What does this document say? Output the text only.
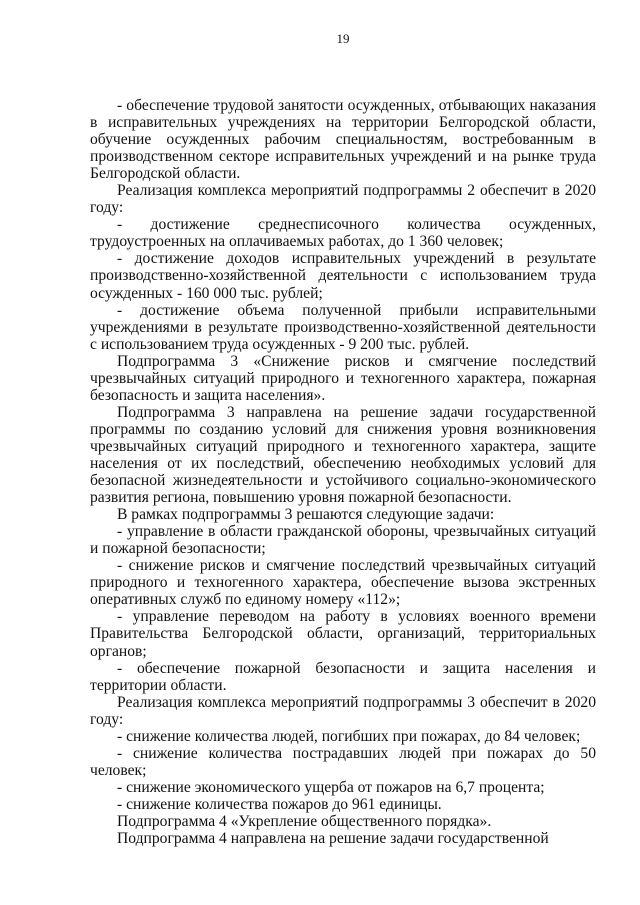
19

- обеспечение трудовой занятости осужденных, отбывающих наказания в исправительных учреждениях на территории Белгородской области, обучение осужденных рабочим специальностям, востребованным в производственном секторе исправительных учреждений и на рынке труда Белгородской области.

Реализация комплекса мероприятий подпрограммы 2 обеспечит в 2020 году:

- достижение среднесписочного количества осужденных, трудоустроенных на оплачиваемых работах, до 1 360 человек;

- достижение доходов исправительных учреждений в результате производственно-хозяйственной деятельности с использованием труда осужденных - 160 000 тыс. рублей;

- достижение объема полученной прибыли исправительными учреждениями в результате производственно-хозяйственной деятельности с использованием труда осужденных - 9 200 тыс. рублей.

Подпрограмма 3 «Снижение рисков и смягчение последствий чрезвычайных ситуаций природного и техногенного характера, пожарная безопасность и защита населения».

Подпрограмма 3 направлена на решение задачи государственной программы по созданию условий для снижения уровня возникновения чрезвычайных ситуаций природного и техногенного характера, защите населения от их последствий, обеспечению необходимых условий для безопасной жизнедеятельности и устойчивого социально-экономического развития региона, повышению уровня пожарной безопасности.

В рамках подпрограммы 3 решаются следующие задачи:

- управление в области гражданской обороны, чрезвычайных ситуаций и пожарной безопасности;

- снижение рисков и смягчение последствий чрезвычайных ситуаций природного и техногенного характера, обеспечение вызова экстренных оперативных служб по единому номеру «112»;

- управление переводом на работу в условиях военного времени Правительства Белгородской области, организаций, территориальных органов;

- обеспечение пожарной безопасности и защита населения и территории области.

Реализация комплекса мероприятий подпрограммы 3 обеспечит в 2020 году:

- снижение количества людей, погибших при пожарах, до 84 человек;

- снижение количества пострадавших людей при пожарах до 50 человек;

- снижение экономического ущерба от пожаров на 6,7 процента;

- снижение количества пожаров до 961 единицы.

Подпрограмма 4 «Укрепление общественного порядка».

Подпрограмма 4 направлена на решение задачи государственной
